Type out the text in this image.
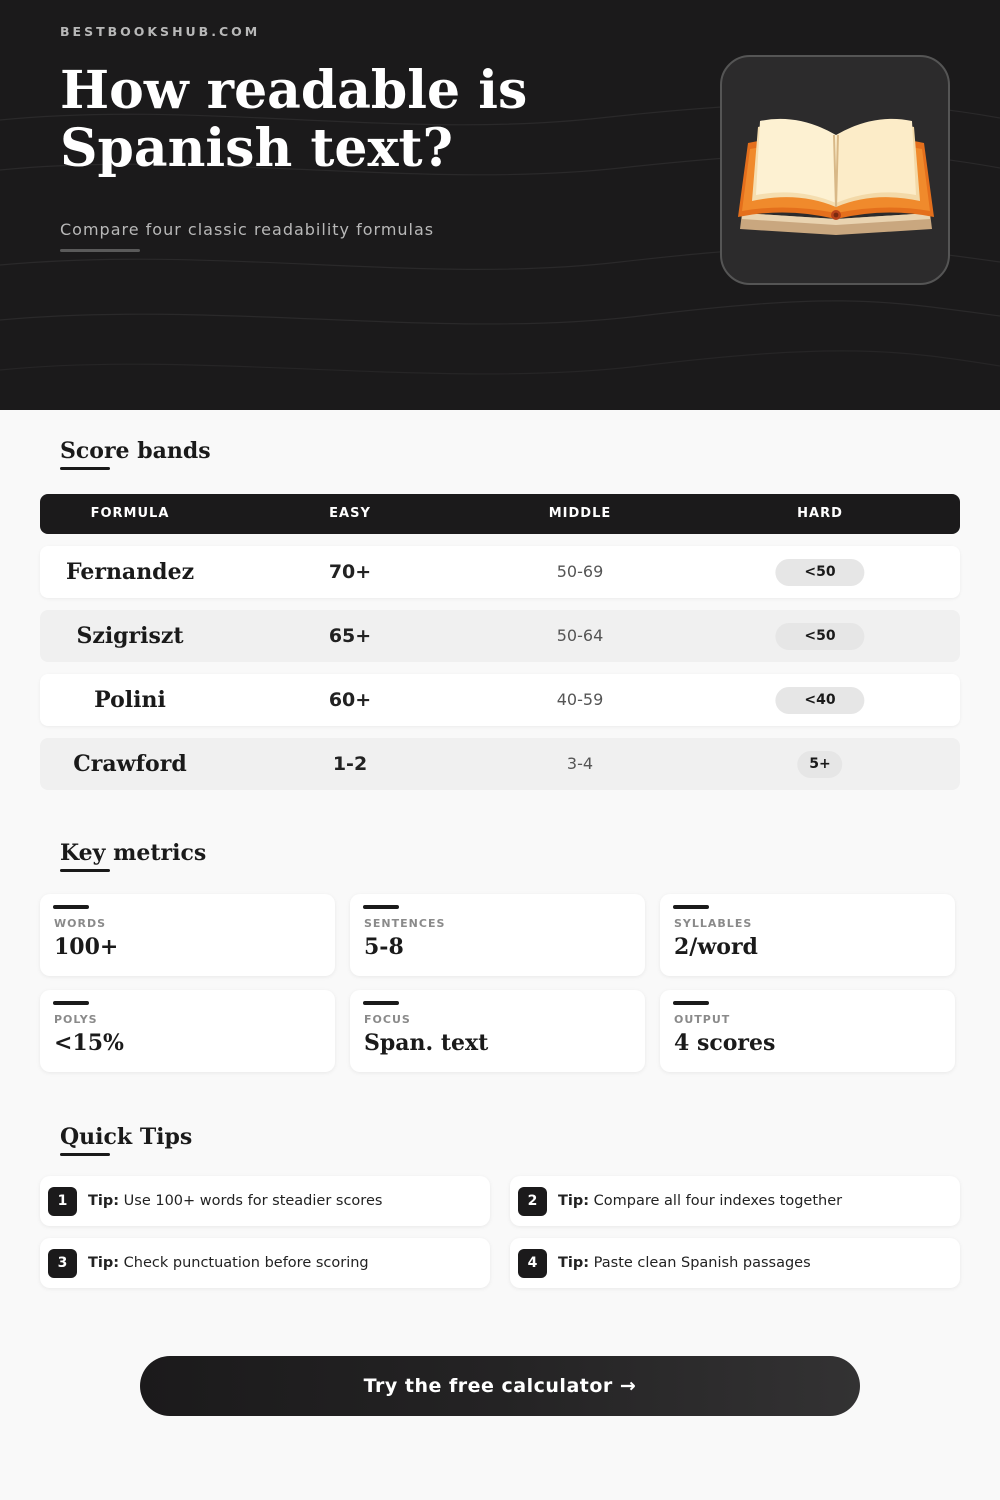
BESTBOOKSHUB.COM
How readable is Spanish text?
Compare four classic readability formulas
Score bands
FORMULA	EASY	MIDDLE	HARD
Fernandez	70+	50-69	<50
Szigriszt	65+	50-64	<50
Polini	60+	40-59	<40
Crawford	1-2	3-4	5+
Key metrics
WORDS
100+
SENTENCES
5-8
SYLLABLES
2/word
POLYS
<15%
FOCUS
Span. text
OUTPUT
4 scores
Quick Tips
1	Tip: Use 100+ words for steadier scores	2	Tip: Compare all four indexes together
3	Tip: Check punctuation before scoring	4	Tip: Paste clean Spanish passages
Try the free calculator →
